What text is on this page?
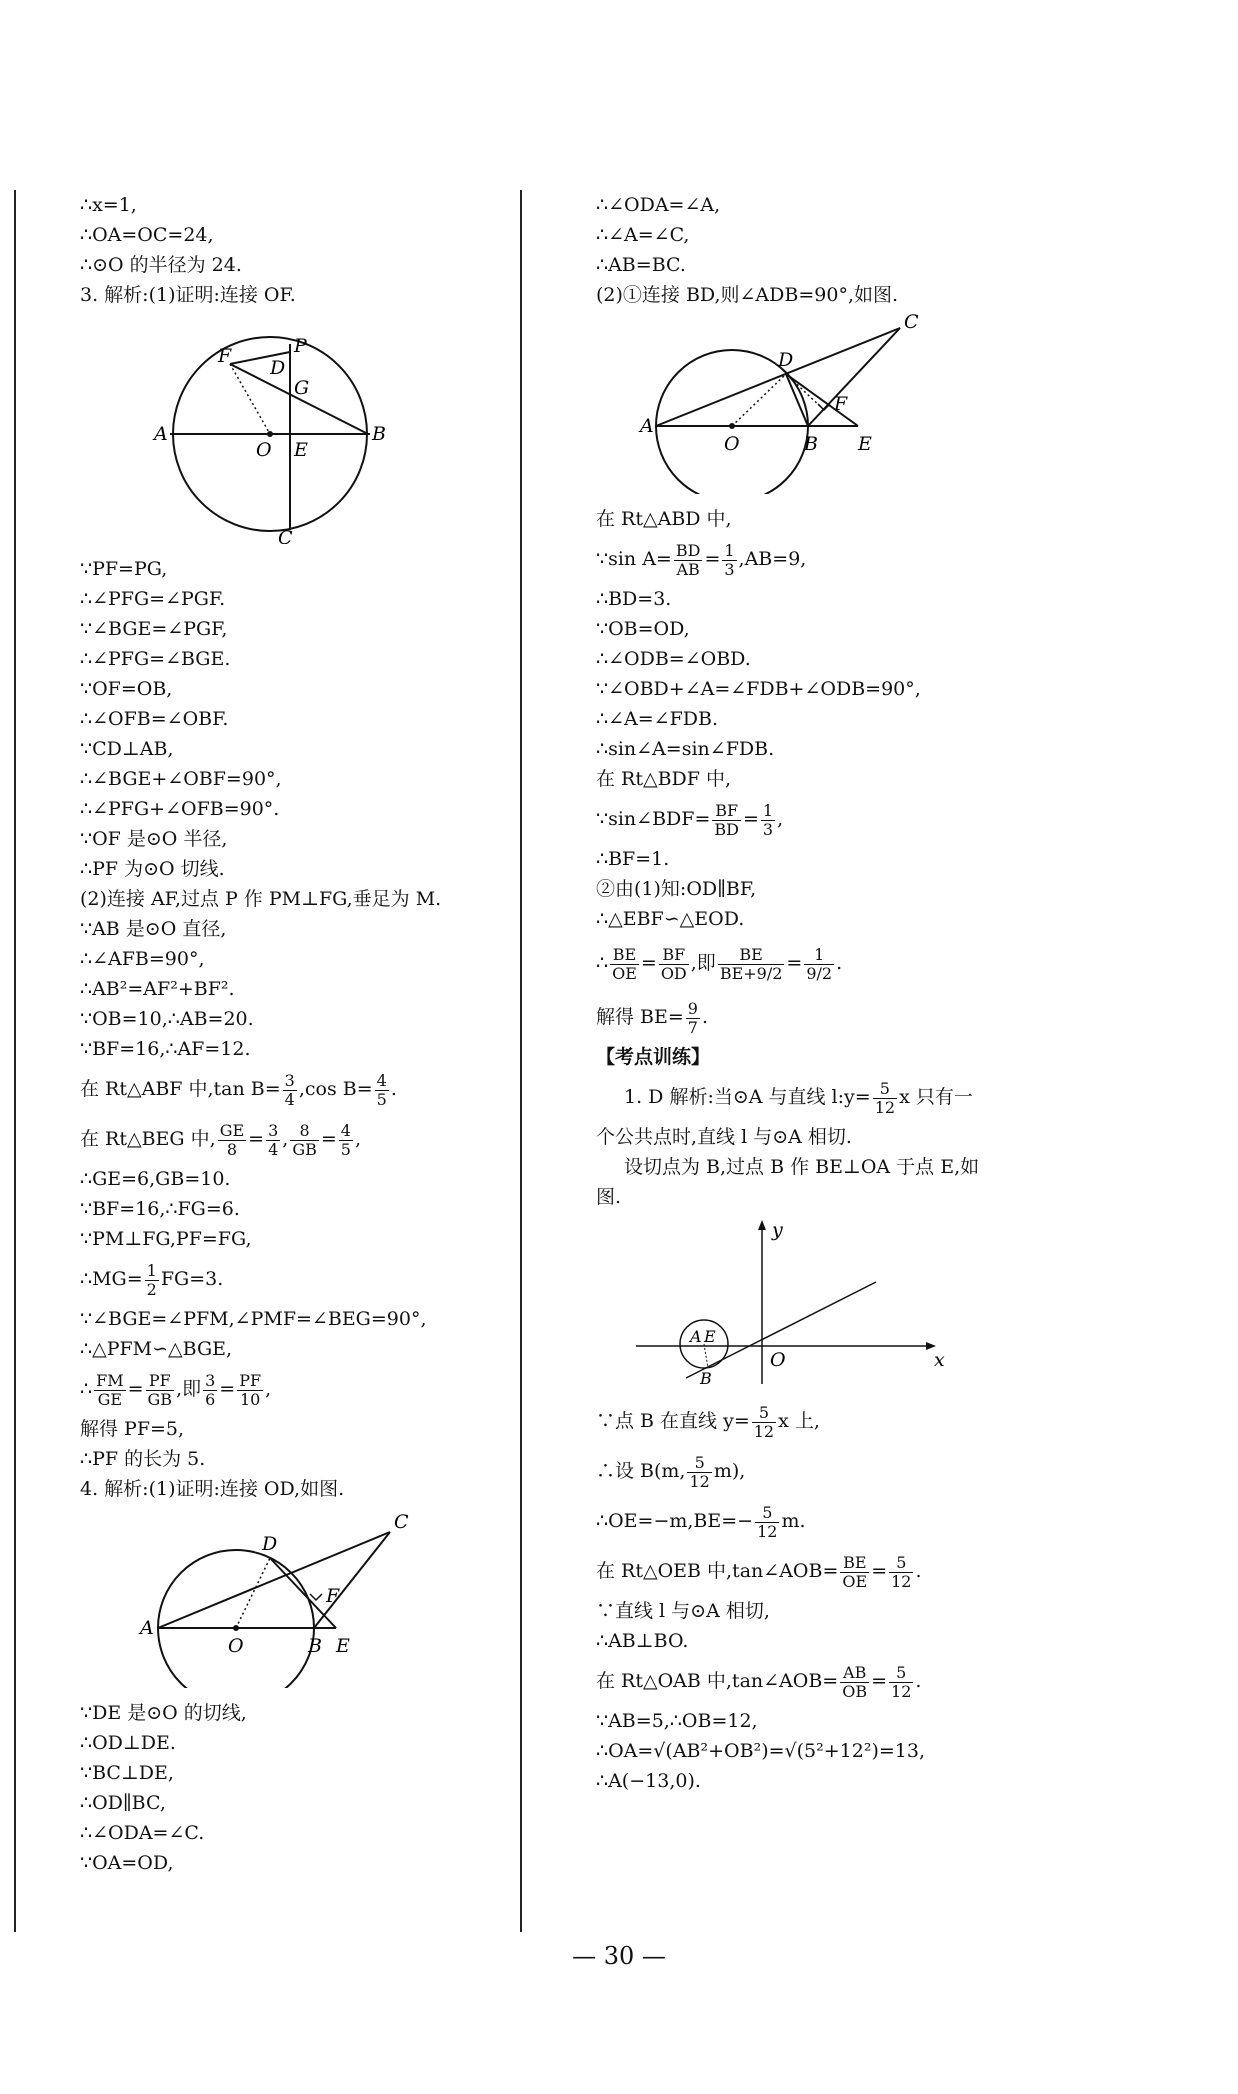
∴x=1,
∴OA=OC=24,
∴⊙O 的半径为 24.
3. 解析:(1)证明:连接 OF.
F	P
D
G
A
O E
B
C
∵PF=PG,
∴∠PFG=∠PGF.
∵∠BGE=∠PGF,
∴∠PFG=∠BGE.
∵OF=OB,
∴∠OFB=∠OBF.
∵CD⊥AB,
∴∠BGE+∠OBF=90°,
∴∠PFG+∠OFB=90°.
∵OF 是⊙O 半径,
∴PF 为⊙O 切线.
(2)连接 AF,过点 P 作 PM⊥FG,垂足为 M.
∵AB 是⊙O 直径,
∴∠AFB=90°,
∴AB²=AF²+BF².
∵OB=10,∴AB=20.
∵BF=16,∴AF=12.
在 Rt△ABF 中,tan $B= \frac{3}{4} ,\cos$ $B= \frac{4}{5}$ .
在 Rt△BEG 中, $\frac{GE}{8} = \frac{3}{4}$ , $\frac{8}{GB} = \frac{4}{5}$ ,
∴GE=6,GB=10.
∵BF=16,∴FG=6.
∵PM⊥FG,PF=FG,
∴MG= $\frac{1}{2} FG=3$.
∵∠BGE=∠PFM,∠PMF=∠BEG=90°,
∴△PFM∽△BGE,
∴ $\frac{FM}{GE} = \frac{PF}{GB}$ ,即 $\frac{3}{6} = \frac{PF}{10}$ ,
解得 PF=5,
∴PF 的长为 5.
4. 解析:(1)证明:连接 OD,如图.
A
O	B E
D
F
C
∵DE 是⊙O 的切线,
∴OD⊥DE.
∵BC⊥DE,
∴OD∥BC,
∴∠ODA=∠C.
∵OA=OD,
∴∠ODA=∠A,
∴∠A=∠C,
∴AB=BC.
(2)①连接 BD,则∠ADB=90°,如图.
A
O	B E
D
F
C
在 Rt△ABD 中,
∵sin $A= \frac{BD}{AB} = \frac{1}{3} ,AB=9$,
∴BD=3.
∵OB=OD,
∴∠ODB=∠OBD.
∵∠OBD+∠A=∠FDB+∠ODB=90°,
∴∠A=∠FDB.
∴sin∠A=sin∠FDB.
在 Rt△BDF 中,
∵sin∠BDF= $\frac{BF}{BD} = \frac{1}{3}$ ,
∴BF=1.
②由(1)知:OD∥BF,
∴△EBF∽△EOD.
∴ $\frac{BE}{OE} = \frac{BF}{OD}$ ,即 $\frac{BE}{BE+9/2} = \frac{1}{9/2}$ .
解得 $BE= \frac{9}{7}$ .
【考点训练】
1. D 解析:当⊙A 与直线 l:y= $\frac{5}{12}$ x 只有一
个公共点时,直线 l 与⊙A 相切.
设切点为 B,过点 B 作 BE⊥OA 于点 E,如
图.
y
x
O
A E
B
∵点 B 在直线 $y= \frac{5}{12}$ x 上,
∴设 B(m, $\frac{5}{12} m$),
∴OE=−m,BE=− $\frac{5}{12} m$.
在 Rt△OEB 中,tan∠AOB= $\frac{BE}{OE} = \frac{5}{12}$ .
∵直线 l 与⊙A 相切,
∴AB⊥BO.
在 Rt△OAB 中,tan∠AOB= $\frac{AB}{OB} = \frac{5}{12}$ .
∵AB=5,∴OB=12,
∴OA=√(AB²+OB²)=√(5²+12²)=13,
∴A(−13,0).
— 30 —
